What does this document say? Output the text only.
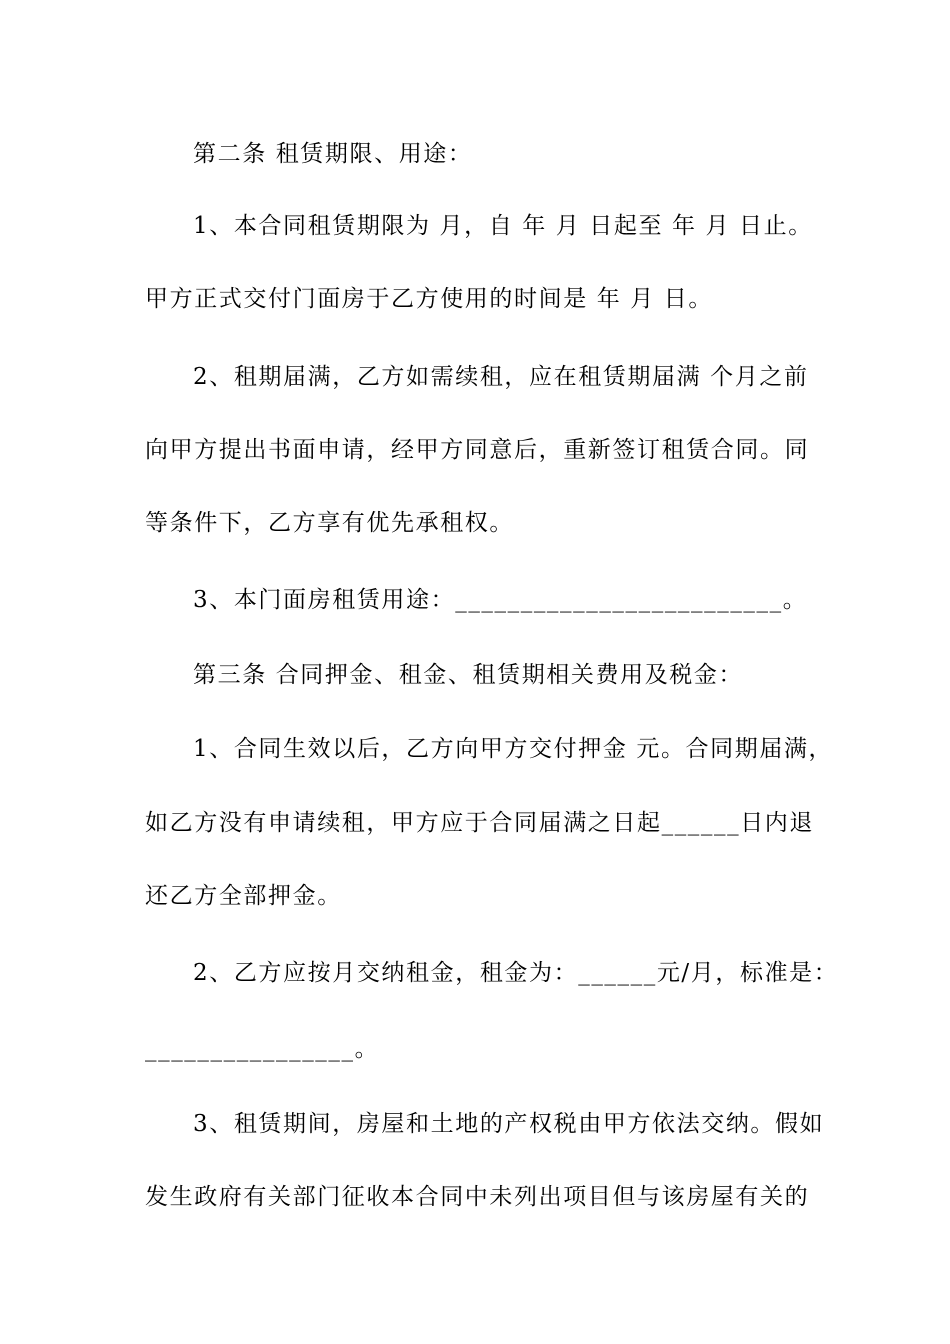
第二条 租赁期限、用途：
1、本合同租赁期限为 月，自 年 月 日起至 年 月 日止。
甲方正式交付门面房于乙方使用的时间是 年 月 日。
2、租期届满，乙方如需续租，应在租赁期届满 个月之前
向甲方提出书面申请，经甲方同意后，重新签订租赁合同。同
等条件下，乙方享有优先承租权。
3、本门面房租赁用途：_________________________。
第三条 合同押金、租金、租赁期相关费用及税金：
1、合同生效以后，乙方向甲方交付押金 元。合同期届满，
如乙方没有申请续租，甲方应于合同届满之日起______日内退
还乙方全部押金。
2、乙方应按月交纳租金，租金为：______元/月，标准是：
________________。
3、租赁期间，房屋和土地的产权税由甲方依法交纳。假如
发生政府有关部门征收本合同中未列出项目但与该房屋有关的
